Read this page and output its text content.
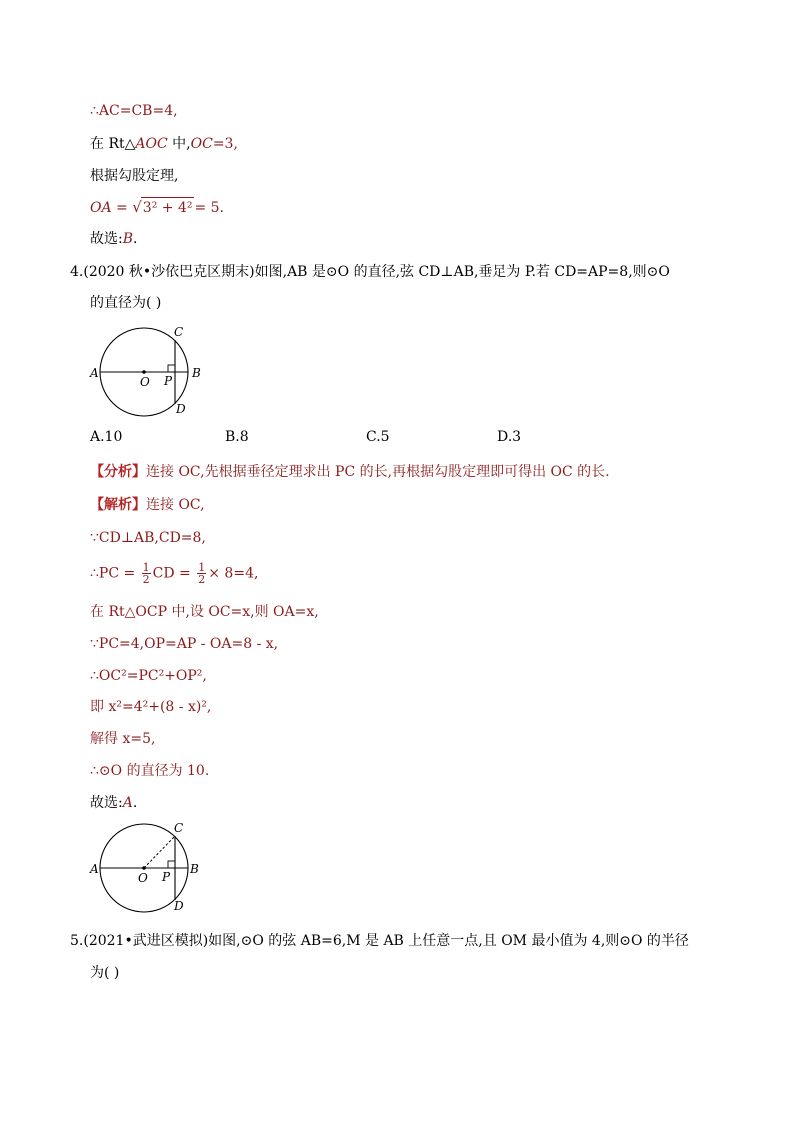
∴AC=CB=4,
在 Rt△AOC 中,OC=3,
根据勾股定理,
OA = √3² + 4² = 5.
故选:B.
4.(2020 秋•沙依巴克区期末)如图,AB 是⊙O 的直径,弦 CD⊥AB,垂足为 P.若 CD=AP=8,则⊙O
的直径为( )
A	B
C
D
O P
A.10	B.8	C.5	D.3
【分析】连接 OC,先根据垂径定理求出 PC 的长,再根据勾股定理即可得出 OC 的长.
【解析】连接 OC,
∵CD⊥AB,CD=8,
∴PC = $\frac{1}{2}$ CD = $\frac{1}{2} \times 8=4$,
在 Rt△OCP 中,设 OC=x,则 OA=x,
∵PC=4,OP=AP - OA=8 - x,
∴OC²=PC²+OP²,
即 x²=4²+(8 - x)²,
解得 x=5,
∴⊙O 的直径为 10.
故选:A.
A	B
C
D
O P
5.(2021•武进区模拟)如图,⊙O 的弦 AB=6,M 是 AB 上任意一点,且 OM 最小值为 4,则⊙O 的半径
为( )
